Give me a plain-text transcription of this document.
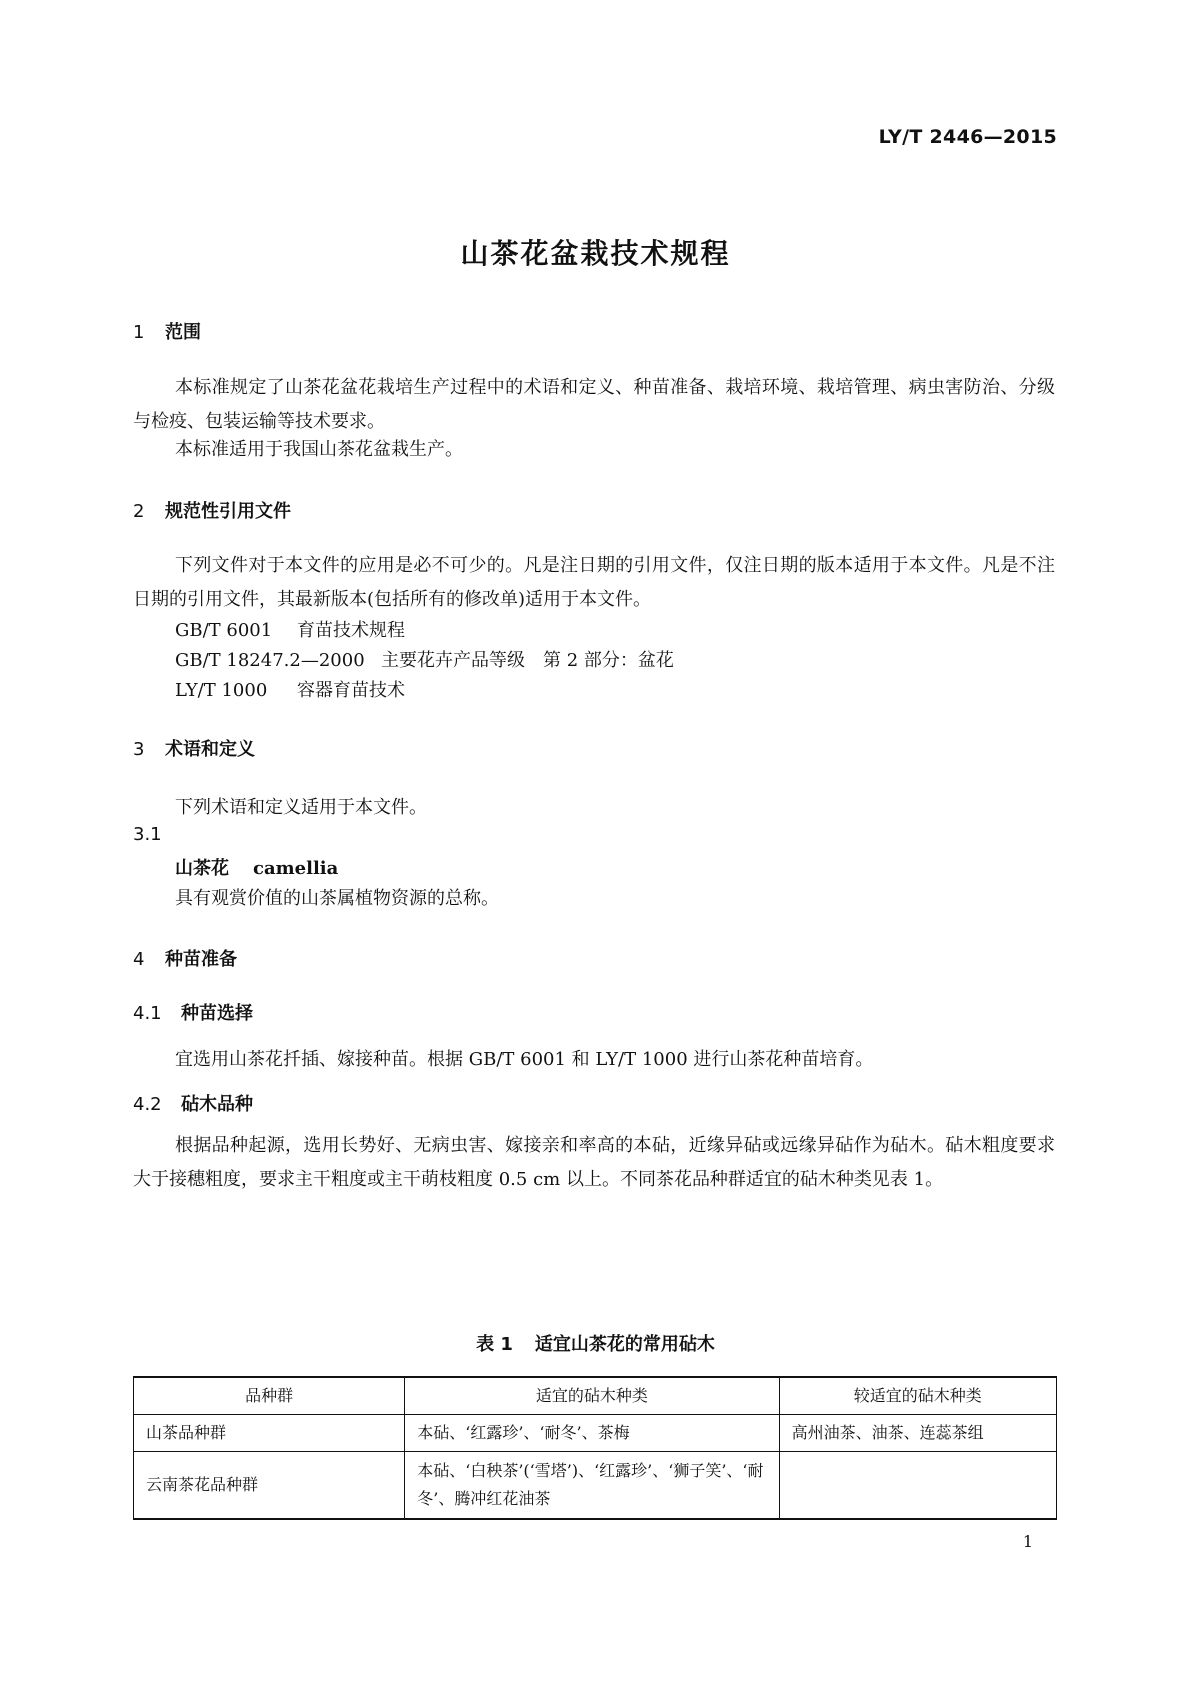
LY/T 2446—2015
山茶花盆栽技术规程
1 范围
本标准规定了山茶花盆花栽培生产过程中的术语和定义、种苗准备、栽培环境、栽培管理、病虫害防治、分级与检疫、包装运输等技术要求。
本标准适用于我国山茶花盆栽生产。
2 规范性引用文件
下列文件对于本文件的应用是必不可少的。凡是注日期的引用文件，仅注日期的版本适用于本文件。凡是不注日期的引用文件，其最新版本(包括所有的修改单)适用于本文件。
GB/T 6001 育苗技术规程
GB/T 18247.2—2000 主要花卉产品等级　第 2 部分：盆花
LY/T 1000 容器育苗技术
3 术语和定义
下列术语和定义适用于本文件。
3.1
山茶花 camellia
具有观赏价值的山茶属植物资源的总称。
4 种苗准备
4.1 种苗选择
宜选用山茶花扦插、嫁接种苗。根据 GB/T 6001 和 LY/T 1000 进行山茶花种苗培育。
4.2 砧木品种
根据品种起源，选用长势好、无病虫害、嫁接亲和率高的本砧，近缘异砧或远缘异砧作为砧木。砧木粗度要求大于接穗粗度，要求主干粗度或主干萌枝粗度 0.5 cm 以上。不同茶花品种群适宜的砧木种类见表 1。
表 1 适宜山茶花的常用砧木
品种群	适宜的砧木种类	较适宜的砧木种类
山茶品种群	本砧、‘红露珍’、‘耐冬’、茶梅	高州油茶、油茶、连蕊茶组
云南茶花品种群	本砧、‘白秧茶’(‘雪塔’)、‘红露珍’、‘狮子笑’、‘耐冬’、腾冲红花油茶	
1
